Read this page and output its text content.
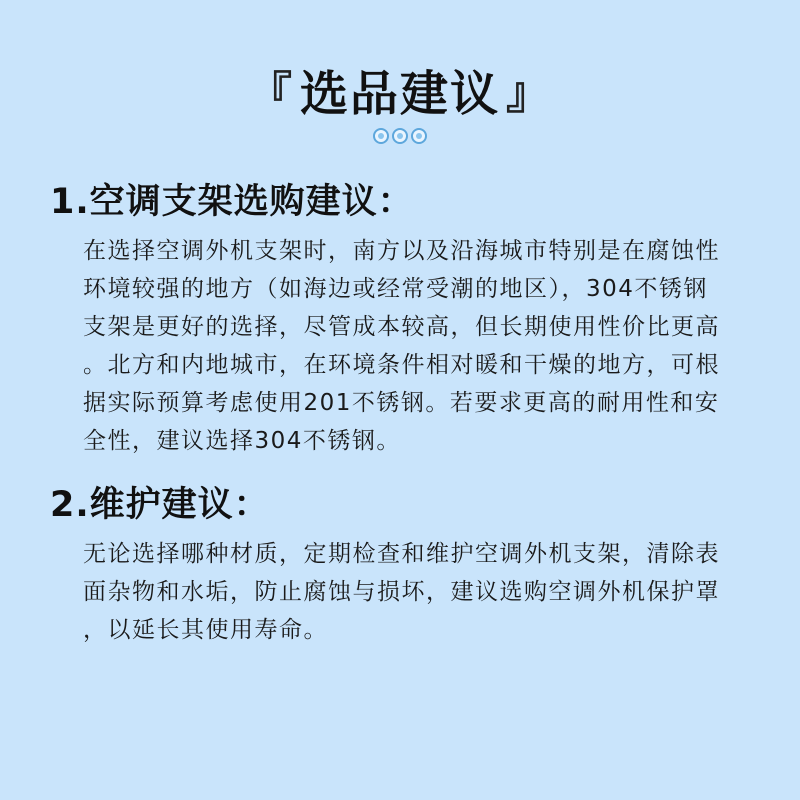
『 选品建议 』
1.空调支架选购建议：

在选择空调外机支架时，南方以及沿海城市特别是在腐蚀性
环境较强的地方（如海边或经常受潮的地区），304不锈钢
支架是更好的选择，尽管成本较高，但长期使用性价比更高
。北方和内地城市，在环境条件相对暖和干燥的地方，可根
据实际预算考虑使用201不锈钢。若要求更高的耐用性和安
全性，建议选择304不锈钢。

2.维护建议：

无论选择哪种材质，定期检查和维护空调外机支架，清除表
面杂物和水垢，防止腐蚀与损坏，建议选购空调外机保护罩
，以延长其使用寿命。
